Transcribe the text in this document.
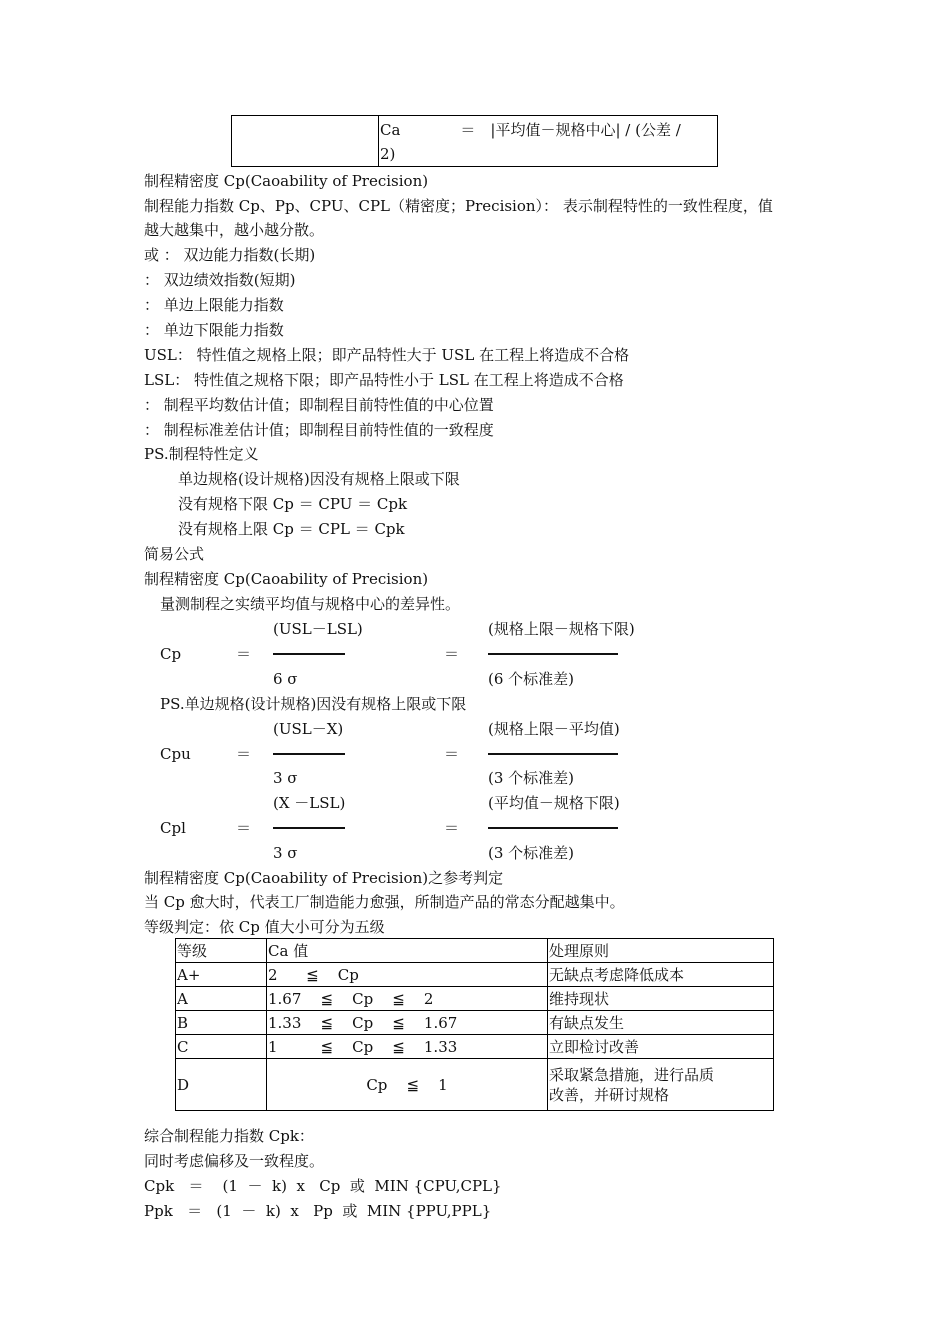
Ca　　　　＝　|平均值－规格中心| / (公差 /
2)
制程精密度 Cp(Caoability of Precision)
制程能力指数 Cp、Pp、CPU、CPL（精密度；Precision）： 表示制程特性的一致性程度，值
越大越集中，越小越分散。
或 ： 双边能力指数(长期)
： 双边绩效指数(短期)
： 单边上限能力指数
： 单边下限能力指数
USL： 特性值之规格上限；即产品特性大于 USL 在工程上将造成不合格
LSL： 特性值之规格下限；即产品特性小于 LSL 在工程上将造成不合格
： 制程平均数估计值；即制程目前特性值的中心位置
： 制程标准差估计值；即制程目前特性值的一致程度
PS.制程特性定义
单边规格(设计规格)因没有规格上限或下限
没有规格下限 Cp ＝ CPU ＝ Cpk
没有规格上限 Cp ＝ CPL ＝ Cpk
简易公式
制程精密度 Cp(Caoability of Precision)
量测制程之实绩平均值与规格中心的差异性。
(USL－LSL)	(规格上限－规格下限)
Cp	＝	＝
6 σ	(6 个标准差)
PS.单边规格(设计规格)因没有规格上限或下限
(USL－X)	(规格上限－平均值)
Cpu	＝	＝
3 σ	(3 个标准差)
(X －LSL)	(平均值－规格下限)
Cpl	＝	＝
3 σ	(3 个标准差)
制程精密度 Cp(Caoability of Precision)之参考判定
当 Cp 愈大时，代表工厂制造能力愈强，所制造产品的常态分配越集中。
等级判定：依 Cp 值大小可分为五级
等级	Ca 值	处理原则
A+	2      ≦    Cp	无缺点考虑降低成本
A	1.67    ≦    Cp    ≦    2	维持现状
B	1.33    ≦    Cp    ≦    1.67	有缺点发生
C	1         ≦    Cp    ≦    1.33	立即检讨改善
D	Cp    ≦    1	采取紧急措施，进行品质
改善，并研讨规格
综合制程能力指数 Cpk：
同时考虑偏移及一致程度。
Cpk   ＝    (1  －  k)  x   Cp  或  MIN {CPU,CPL}
Ppk   ＝   (1  －  k)  x   Pp  或  MIN {PPU,PPL}
